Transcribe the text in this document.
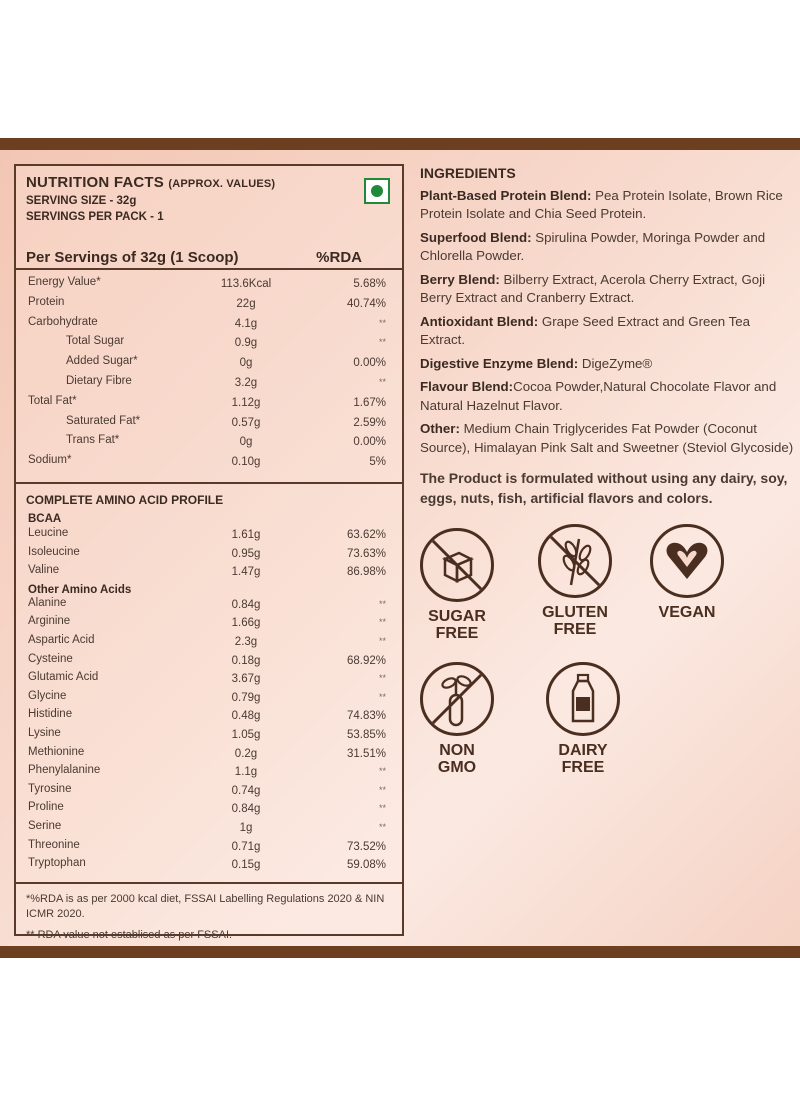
NUTRITION FACTS (APPROX. VALUES)
SERVING SIZE - 32g
SERVINGS PER PACK - 1
Per Servings of 32g (1 Scoop)	%RDA
Energy Value*	113.6Kcal	5.68%
Protein	22g	40.74%
Carbohydrate	4.1g	**
Total Sugar	0.9g	**
Added Sugar*	0g	0.00%
Dietary Fibre	3.2g	**
Total Fat*	1.12g	1.67%
Saturated Fat*	0.57g	2.59%
Trans Fat*	0g	0.00%
Sodium*	0.10g	5%
COMPLETE AMINO ACID PROFILE
BCAA
Leucine	1.61g	63.62%
Isoleucine	0.95g	73.63%
Valine	1.47g	86.98%
Other Amino Acids
Alanine	0.84g	**
Arginine	1.66g	**
Aspartic Acid	2.3g	**
Cysteine	0.18g	68.92%
Glutamic Acid	3.67g	**
Glycine	0.79g	**
Histidine	0.48g	74.83%
Lysine	1.05g	53.85%
Methionine	0.2g	31.51%
Phenylalanine	1.1g	**
Tyrosine	0.74g	**
Proline	0.84g	**
Serine	1g	**
Threonine	0.71g	73.52%
Tryptophan	0.15g	59.08%
*%RDA is as per 2000 kcal diet, FSSAI Labelling Regulations 2020 & NIN ICMR 2020.
** RDA value not establised as per FSSAI.
INGREDIENTS

Plant-Based Protein Blend: Pea Protein Isolate, Brown Rice Protein Isolate and Chia Seed Protein.

Superfood Blend: Spirulina Powder, Moringa Powder and Chlorella Powder.

Berry Blend: Bilberry Extract, Acerola Cherry Extract, Goji Berry Extract and Cranberry Extract.

Antioxidant Blend: Grape Seed Extract and Green Tea Extract.

Digestive Enzyme Blend: DigeZyme®

Flavour Blend:Cocoa Powder,Natural Chocolate Flavor and Natural Hazelnut Flavor.

Other: Medium Chain Triglycerides Fat Powder (Coconut Source), Himalayan Pink Salt and Sweetner (Steviol Glycoside)

The Product is formulated without using any dairy, soy, eggs, nuts, fish, artificial flavors and colors.
SUGAR
FREE
GLUTEN
FREE
VEGAN
NON
GMO
DAIRY
FREE
